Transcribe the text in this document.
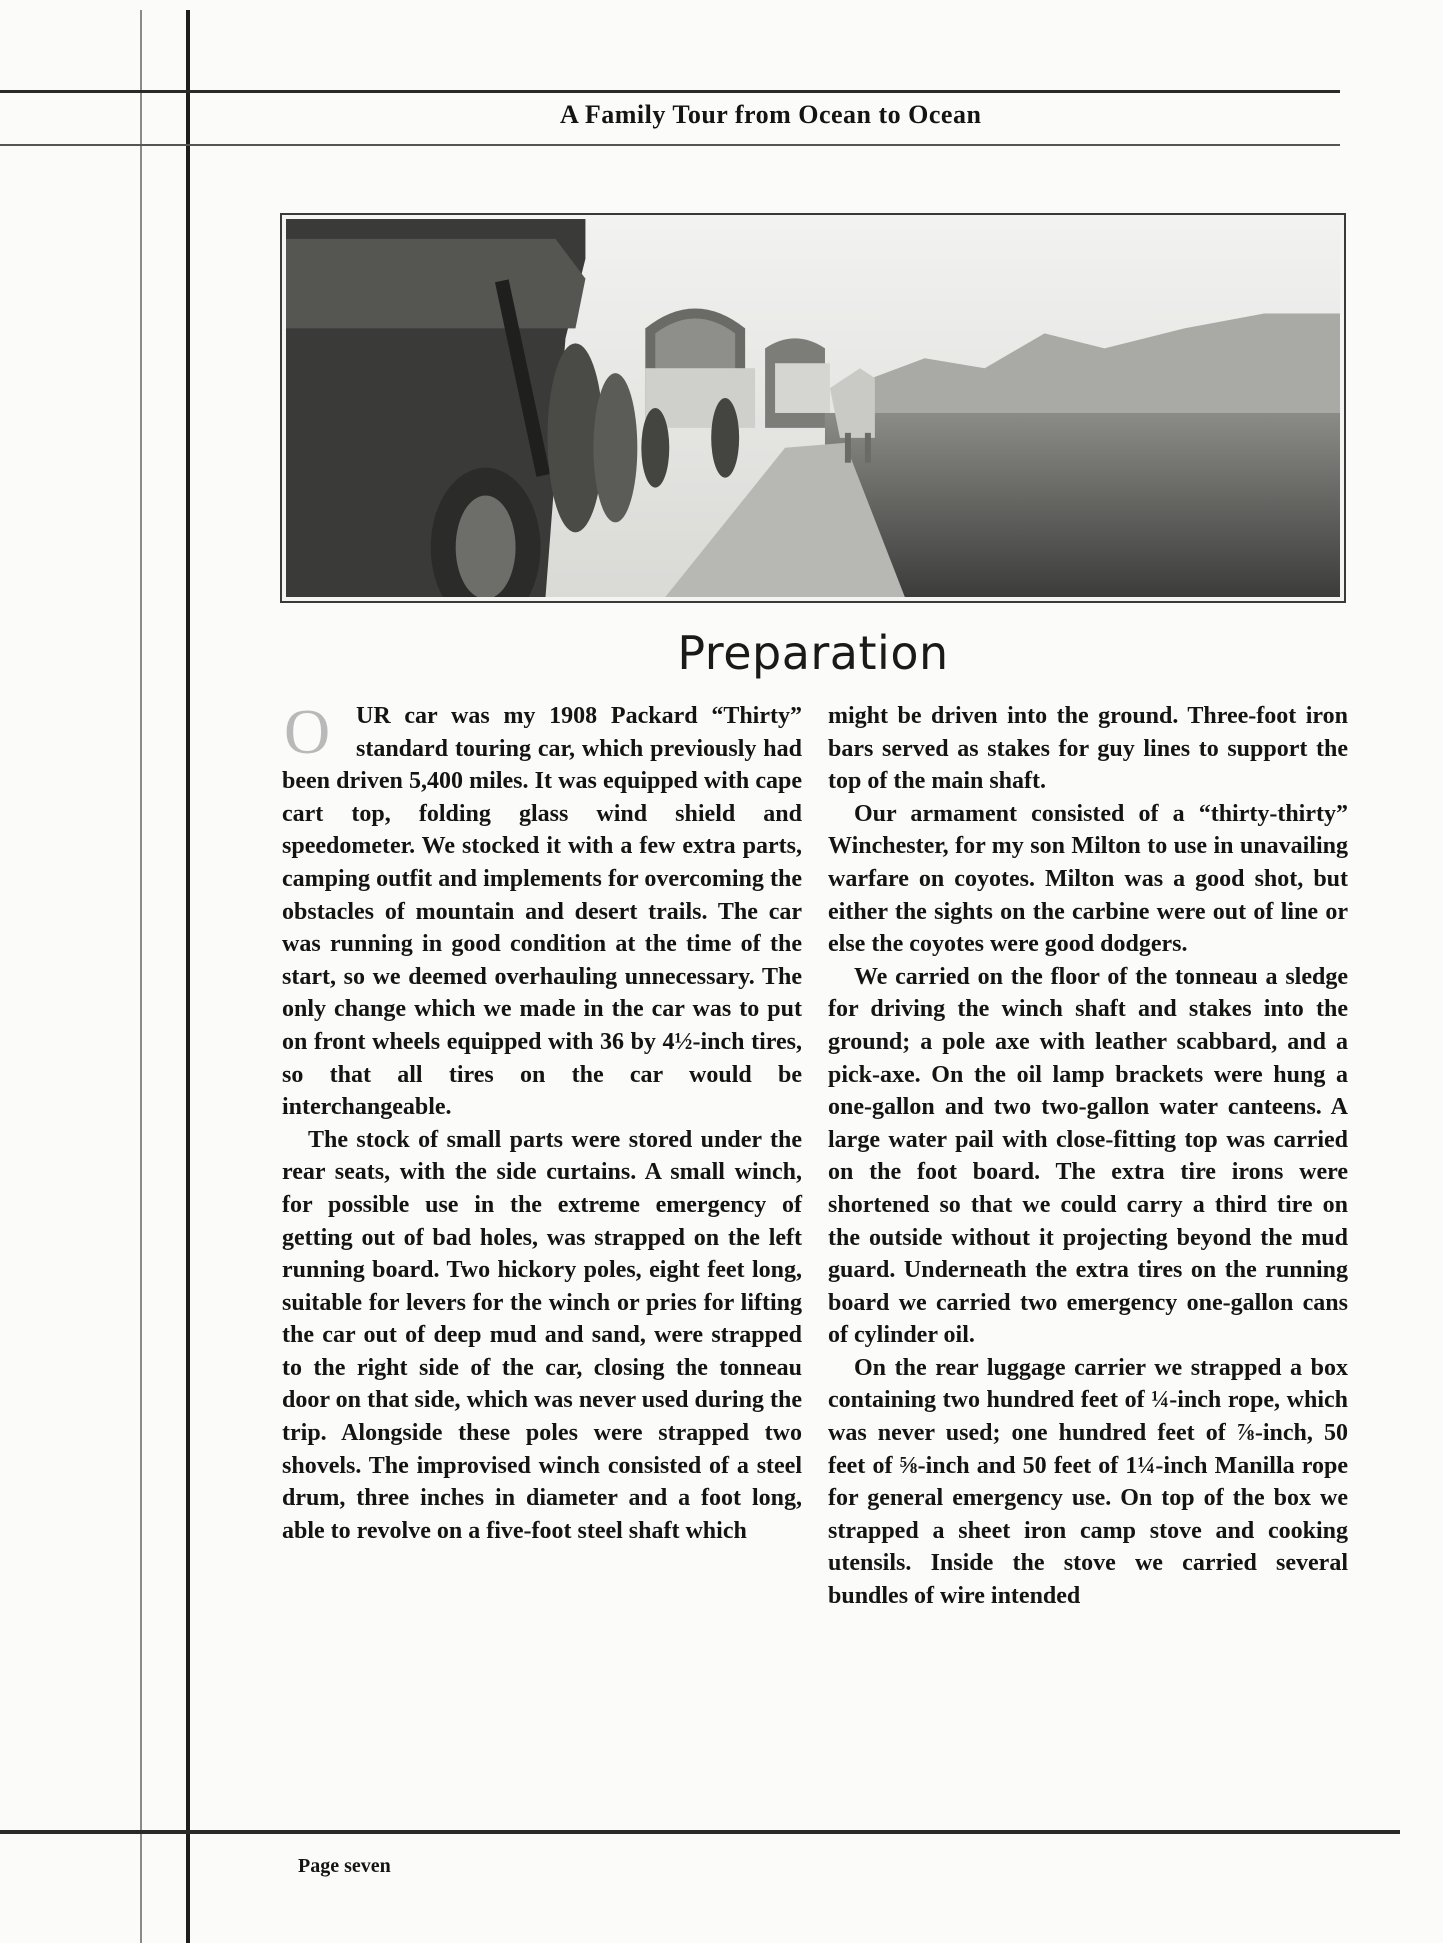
A Family Tour from Ocean to Ocean
Preparation
O	UR car was my 1908 Packard “Thirty” standard touring car, which previously had been driven 5,400 miles. It was equipped with cape cart top, folding glass wind shield and speedometer. We stocked it with a few extra parts, camping outfit and implements for overcoming the obstacles of mountain and desert trails. The car was running in good condition at the time of the start, so we deemed overhauling unnecessary. The only change which we made in the car was to put on front wheels equipped with 36 by 4½-inch tires, so that all tires on the car would be interchangeable.

The stock of small parts were stored under the rear seats, with the side curtains. A small winch, for possible use in the extreme emergency of getting out of bad holes, was strapped on the left running board. Two hickory poles, eight feet long, suitable for levers for the winch or pries for lifting the car out of deep mud and sand, were strapped to the right side of the car, closing the tonneau door on that side, which was never used during the trip. Alongside these poles were strapped two shovels. The improvised winch consisted of a steel drum, three inches in diameter and a foot long, able to revolve on a five-foot steel shaft which

might be driven into the ground. Three-foot iron bars served as stakes for guy lines to support the top of the main shaft.

Our armament consisted of a “thirty-thirty” Winchester, for my son Milton to use in unavailing warfare on coyotes. Milton was a good shot, but either the sights on the carbine were out of line or else the coyotes were good dodgers.

We carried on the floor of the tonneau a sledge for driving the winch shaft and stakes into the ground; a pole axe with leather scabbard, and a pick-axe. On the oil lamp brackets were hung a one-gallon and two two-gallon water canteens. A large water pail with close-fitting top was carried on the foot board. The extra tire irons were shortened so that we could carry a third tire on the outside without it projecting beyond the mud guard. Underneath the extra tires on the running board we carried two emergency one-gallon cans of cylinder oil.

On the rear luggage carrier we strapped a box containing two hundred feet of ¼-inch rope, which was never used; one hundred feet of ⅞-inch, 50 feet of ⅝-inch and 50 feet of 1¼-inch Manilla rope for general emergency use. On top of the box we strapped a sheet iron camp stove and cooking utensils. Inside the stove we carried several bundles of wire intended

Page seven
